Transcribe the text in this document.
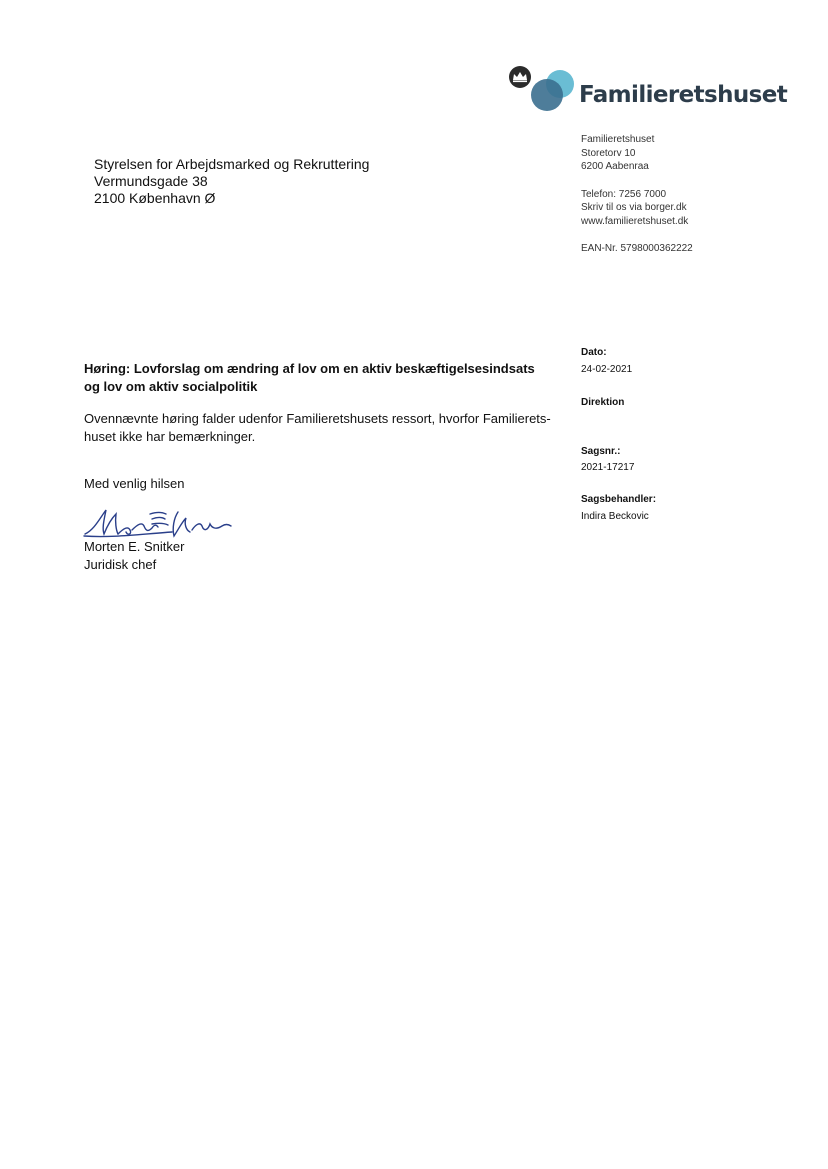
Familieretshuset
Styrelsen for Arbejdsmarked og Rekruttering
Vermundsgade 38
2100 København Ø
Familieretshuset
Storetorv 10
6200 Aabenraa
Telefon: 7256 7000
Skriv til os via borger.dk
www.familieretshuset.dk
EAN-Nr. 5798000362222
Dato:
24-02-2021
Direktion
Sagsnr.:
2021-17217
Sagsbehandler:
Indira Beckovic
Høring: Lovforslag om ændring af lov om en aktiv beskæftigelsesindsats
og lov om aktiv socialpolitik
Ovennævnte høring falder udenfor Familieretshusets ressort, hvorfor Familierets-
huset ikke har bemærkninger.
Med venlig hilsen
Morten E. Snitker
Juridisk chef
